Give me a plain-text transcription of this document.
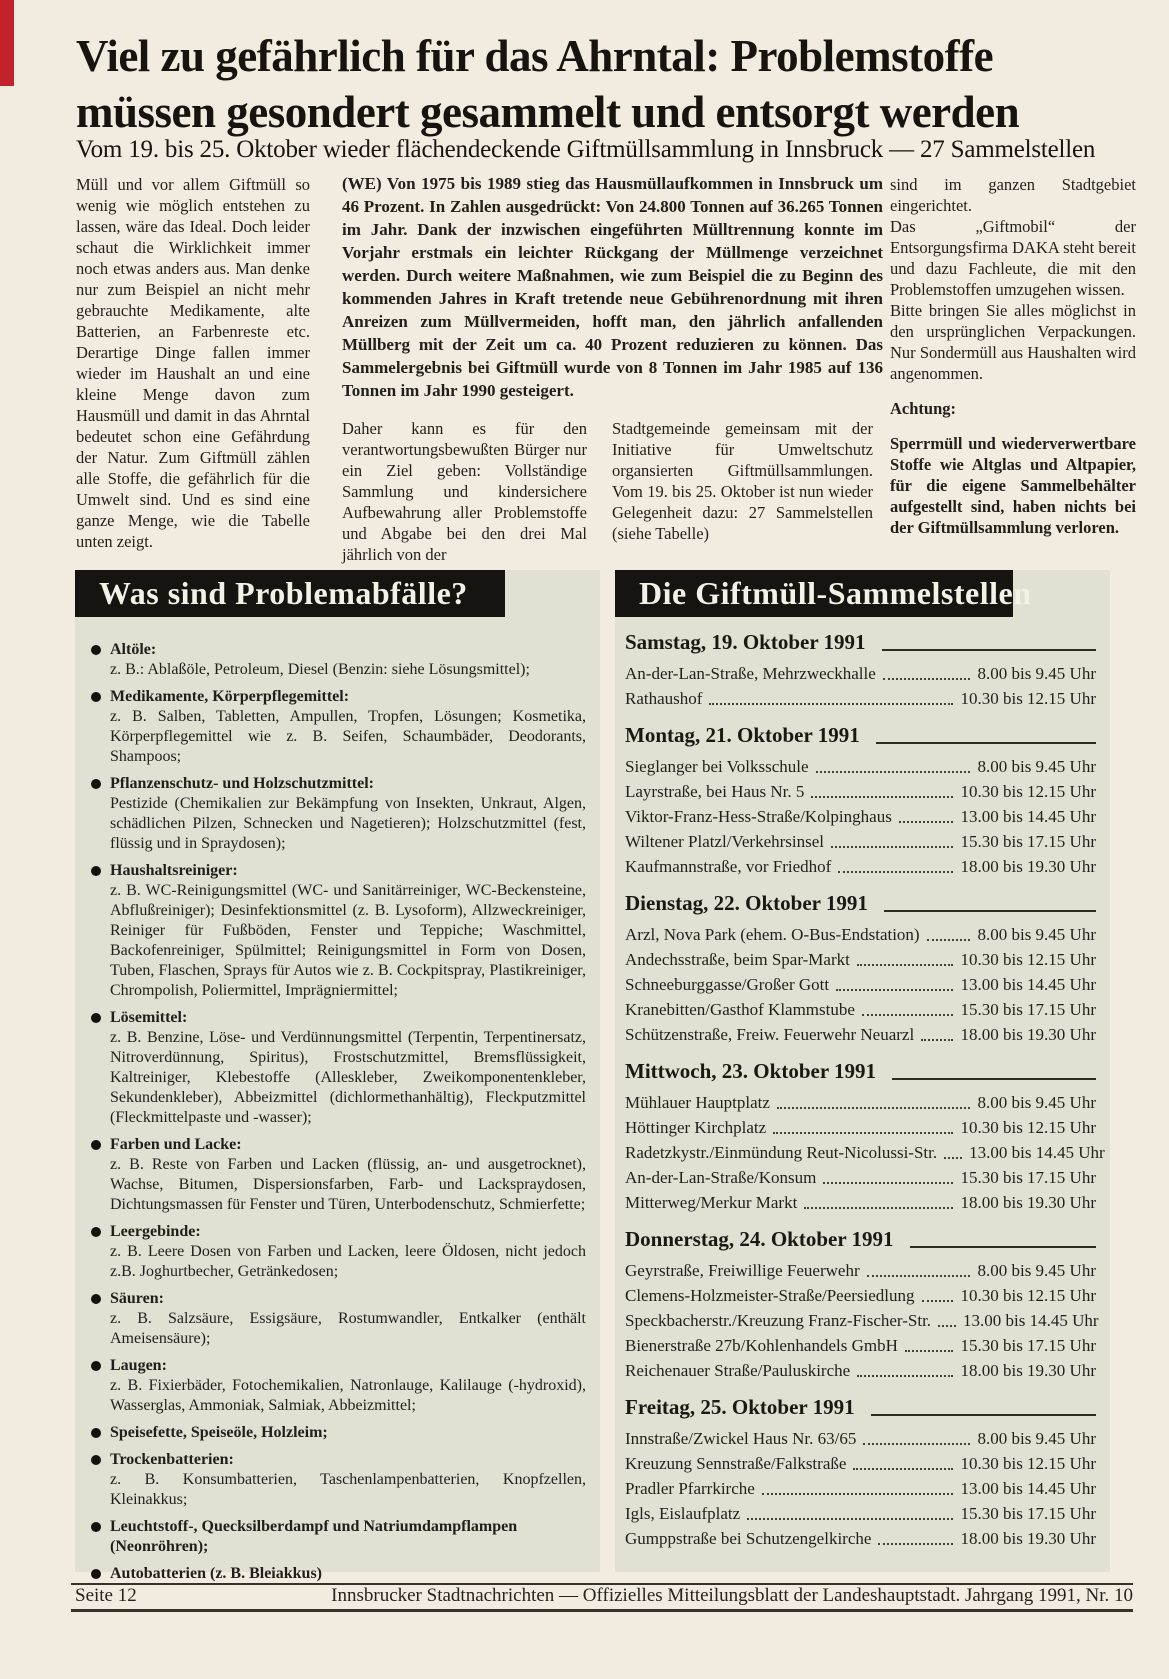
Viel zu gefährlich für das Ahrntal: Problemstoffe
müssen gesondert gesammelt und entsorgt werden
Vom 19. bis 25. Oktober wieder flächendeckende Giftmüllsammlung in Innsbruck — 27 Sammelstellen

Müll und vor allem Giftmüll so wenig wie möglich entstehen zu lassen, wäre das Ideal. Doch leider schaut die Wirklichkeit immer noch etwas anders aus. Man denke nur zum Beispiel an nicht mehr gebrauchte Medikamente, alte Batterien, an Farbenreste etc. Derartige Dinge fallen immer wieder im Haushalt an und eine kleine Menge davon zum Hausmüll und damit in das Ahrntal bedeutet schon eine Gefährdung der Natur. Zum Giftmüll zählen alle Stoffe, die gefährlich für die Umwelt sind. Und es sind eine ganze Menge, wie die Tabelle unten zeigt.

(WE) Von 1975 bis 1989 stieg das Hausmüllaufkommen in Innsbruck um 46 Prozent. In Zahlen ausgedrückt: Von 24.800 Tonnen auf 36.265 Tonnen im Jahr. Dank der inzwischen eingeführten Mülltrennung konnte im Vorjahr erstmals ein leichter Rückgang der Müllmenge verzeichnet werden. Durch weitere Maßnahmen, wie zum Beispiel die zu Beginn des kommenden Jahres in Kraft tretende neue Gebührenordnung mit ihren Anreizen zum Müllvermeiden, hofft man, den jährlich anfallenden Müllberg mit der Zeit um ca. 40 Prozent reduzieren zu können. Das Sammelergebnis bei Giftmüll wurde von 8 Tonnen im Jahr 1985 auf 136 Tonnen im Jahr 1990 gesteigert.

Daher kann es für den verantwortungsbewußten Bürger nur ein Ziel geben: Vollständige Sammlung und kindersichere Aufbewahrung aller Problemstoffe und Abgabe bei den drei Mal jährlich von der

Stadtgemeinde gemeinsam mit der Initiative für Umweltschutz organsierten Giftmüllsammlungen. Vom 19. bis 25. Oktober ist nun wieder Gelegenheit dazu: 27 Sammelstellen (siehe Tabelle)

sind im ganzen Stadtgebiet eingerichtet.

Das „Giftmobil“ der Entsorgungsfirma DAKA steht bereit und dazu Fachleute, die mit den Problemstoffen umzugehen wissen.

Bitte bringen Sie alles möglichst in den ursprünglichen Verpackungen. Nur Sondermüll aus Haushalten wird angenommen.

Achtung:

Sperrmüll und wiederverwertbare Stoffe wie Altglas und Altpapier, für die eigene Sammelbehälter aufgestellt sind, haben nichts bei der Giftmüllsammlung verloren.

Was sind Problemabfälle?
Altöle:
z. B.: Ablaßöle, Petroleum, Diesel (Benzin: siehe Lösungsmittel);
Medikamente, Körperpflegemittel:
z. B. Salben, Tabletten, Ampullen, Tropfen, Lösungen; Kosmetika, Körperpflegemittel wie z. B. Seifen, Schaumbäder, Deodorants, Shampoos;
Pflanzenschutz- und Holzschutzmittel:
Pestizide (Chemikalien zur Bekämpfung von Insekten, Unkraut, Algen, schädlichen Pilzen, Schnecken und Nagetieren); Holzschutzmittel (fest, flüssig und in Spraydosen);
Haushaltsreiniger:
z. B. WC-Reinigungsmittel (WC- und Sanitärreiniger, WC-Beckensteine, Abflußreiniger); Desinfektionsmittel (z. B. Lysoform), Allzweckreiniger, Reiniger für Fußböden, Fenster und Teppiche; Waschmittel, Backofenreiniger, Spülmittel; Reinigungsmittel in Form von Dosen, Tuben, Flaschen, Sprays für Autos wie z. B. Cockpitspray, Plastikreiniger, Chrompolish, Poliermittel, Imprägniermittel;
Lösemittel:
z. B. Benzine, Löse- und Verdünnungsmittel (Terpentin, Terpentinersatz, Nitroverdünnung, Spiritus), Frostschutzmittel, Bremsflüssigkeit, Kaltreiniger, Klebestoffe (Alleskleber, Zweikomponentenkleber, Sekundenkleber), Abbeizmittel (dichlormethanhältig), Fleckputzmittel (Fleckmittelpaste und -wasser);
Farben und Lacke:
z. B. Reste von Farben und Lacken (flüssig, an- und ausgetrocknet), Wachse, Bitumen, Dispersionsfarben, Farb- und Lackspraydosen, Dichtungsmassen für Fenster und Türen, Unterbodenschutz, Schmierfette;
Leergebinde:
z. B. Leere Dosen von Farben und Lacken, leere Öldosen, nicht jedoch z.B. Joghurtbecher, Getränkedosen;
Säuren:
z. B. Salzsäure, Essigsäure, Rostumwandler, Entkalker (enthält Ameisensäure);
Laugen:
z. B. Fixierbäder, Fotochemikalien, Natronlauge, Kalilauge (-hydroxid), Wasserglas, Ammoniak, Salmiak, Abbeizmittel;
Speisefette, Speiseöle, Holzleim;
Trockenbatterien:
z. B. Konsumbatterien, Taschenlampenbatterien, Knopfzellen, Kleinakkus;
Leuchtstoff-, Quecksilberdampf und Natriumdampflampen (Neonröhren);
Autobatterien (z. B. Bleiakkus)
Die Giftmüll-Sammelstellen
Samstag, 19. Oktober 1991
An-der-Lan-Straße, Mehrzweckhalle	8.00 bis 9.45 Uhr
Rathaushof	10.30 bis 12.15 Uhr
Montag, 21. Oktober 1991
Sieglanger bei Volksschule	8.00 bis 9.45 Uhr
Layrstraße, bei Haus Nr. 5	10.30 bis 12.15 Uhr
Viktor-Franz-Hess-Straße/Kolpinghaus	13.00 bis 14.45 Uhr
Wiltener Platzl/Verkehrsinsel	15.30 bis 17.15 Uhr
Kaufmannstraße, vor Friedhof	18.00 bis 19.30 Uhr
Dienstag, 22. Oktober 1991
Arzl, Nova Park (ehem. O-Bus-Endstation)	8.00 bis 9.45 Uhr
Andechsstraße, beim Spar-Markt	10.30 bis 12.15 Uhr
Schneeburggasse/Großer Gott	13.00 bis 14.45 Uhr
Kranebitten/Gasthof Klammstube	15.30 bis 17.15 Uhr
Schützenstraße, Freiw. Feuerwehr Neuarzl	18.00 bis 19.30 Uhr
Mittwoch, 23. Oktober 1991
Mühlauer Hauptplatz	8.00 bis 9.45 Uhr
Höttinger Kirchplatz	10.30 bis 12.15 Uhr
Radetzkystr./Einmündung Reut-Nicolussi-Str. 13.00 bis 14.45 Uhr
An-der-Lan-Straße/Konsum	15.30 bis 17.15 Uhr
Mitterweg/Merkur Markt	18.00 bis 19.30 Uhr
Donnerstag, 24. Oktober 1991
Geyrstraße, Freiwillige Feuerwehr	8.00 bis 9.45 Uhr
Clemens-Holzmeister-Straße/Peersiedlung	10.30 bis 12.15 Uhr
Speckbacherstr./Kreuzung Franz-Fischer-Str. 13.00 bis 14.45 Uhr
Bienerstraße 27b/Kohlenhandels GmbH	15.30 bis 17.15 Uhr
Reichenauer Straße/Pauluskirche	18.00 bis 19.30 Uhr
Freitag, 25. Oktober 1991
Innstraße/Zwickel Haus Nr. 63/65	8.00 bis 9.45 Uhr
Kreuzung Sennstraße/Falkstraße	10.30 bis 12.15 Uhr
Pradler Pfarrkirche	13.00 bis 14.45 Uhr
Igls, Eislaufplatz	15.30 bis 17.15 Uhr
Gumppstraße bei Schutzengelkirche	18.00 bis 19.30 Uhr
Seite 12	Innsbrucker Stadtnachrichten — Offizielles Mitteilungsblatt der Landeshauptstadt. Jahrgang 1991, Nr. 10
